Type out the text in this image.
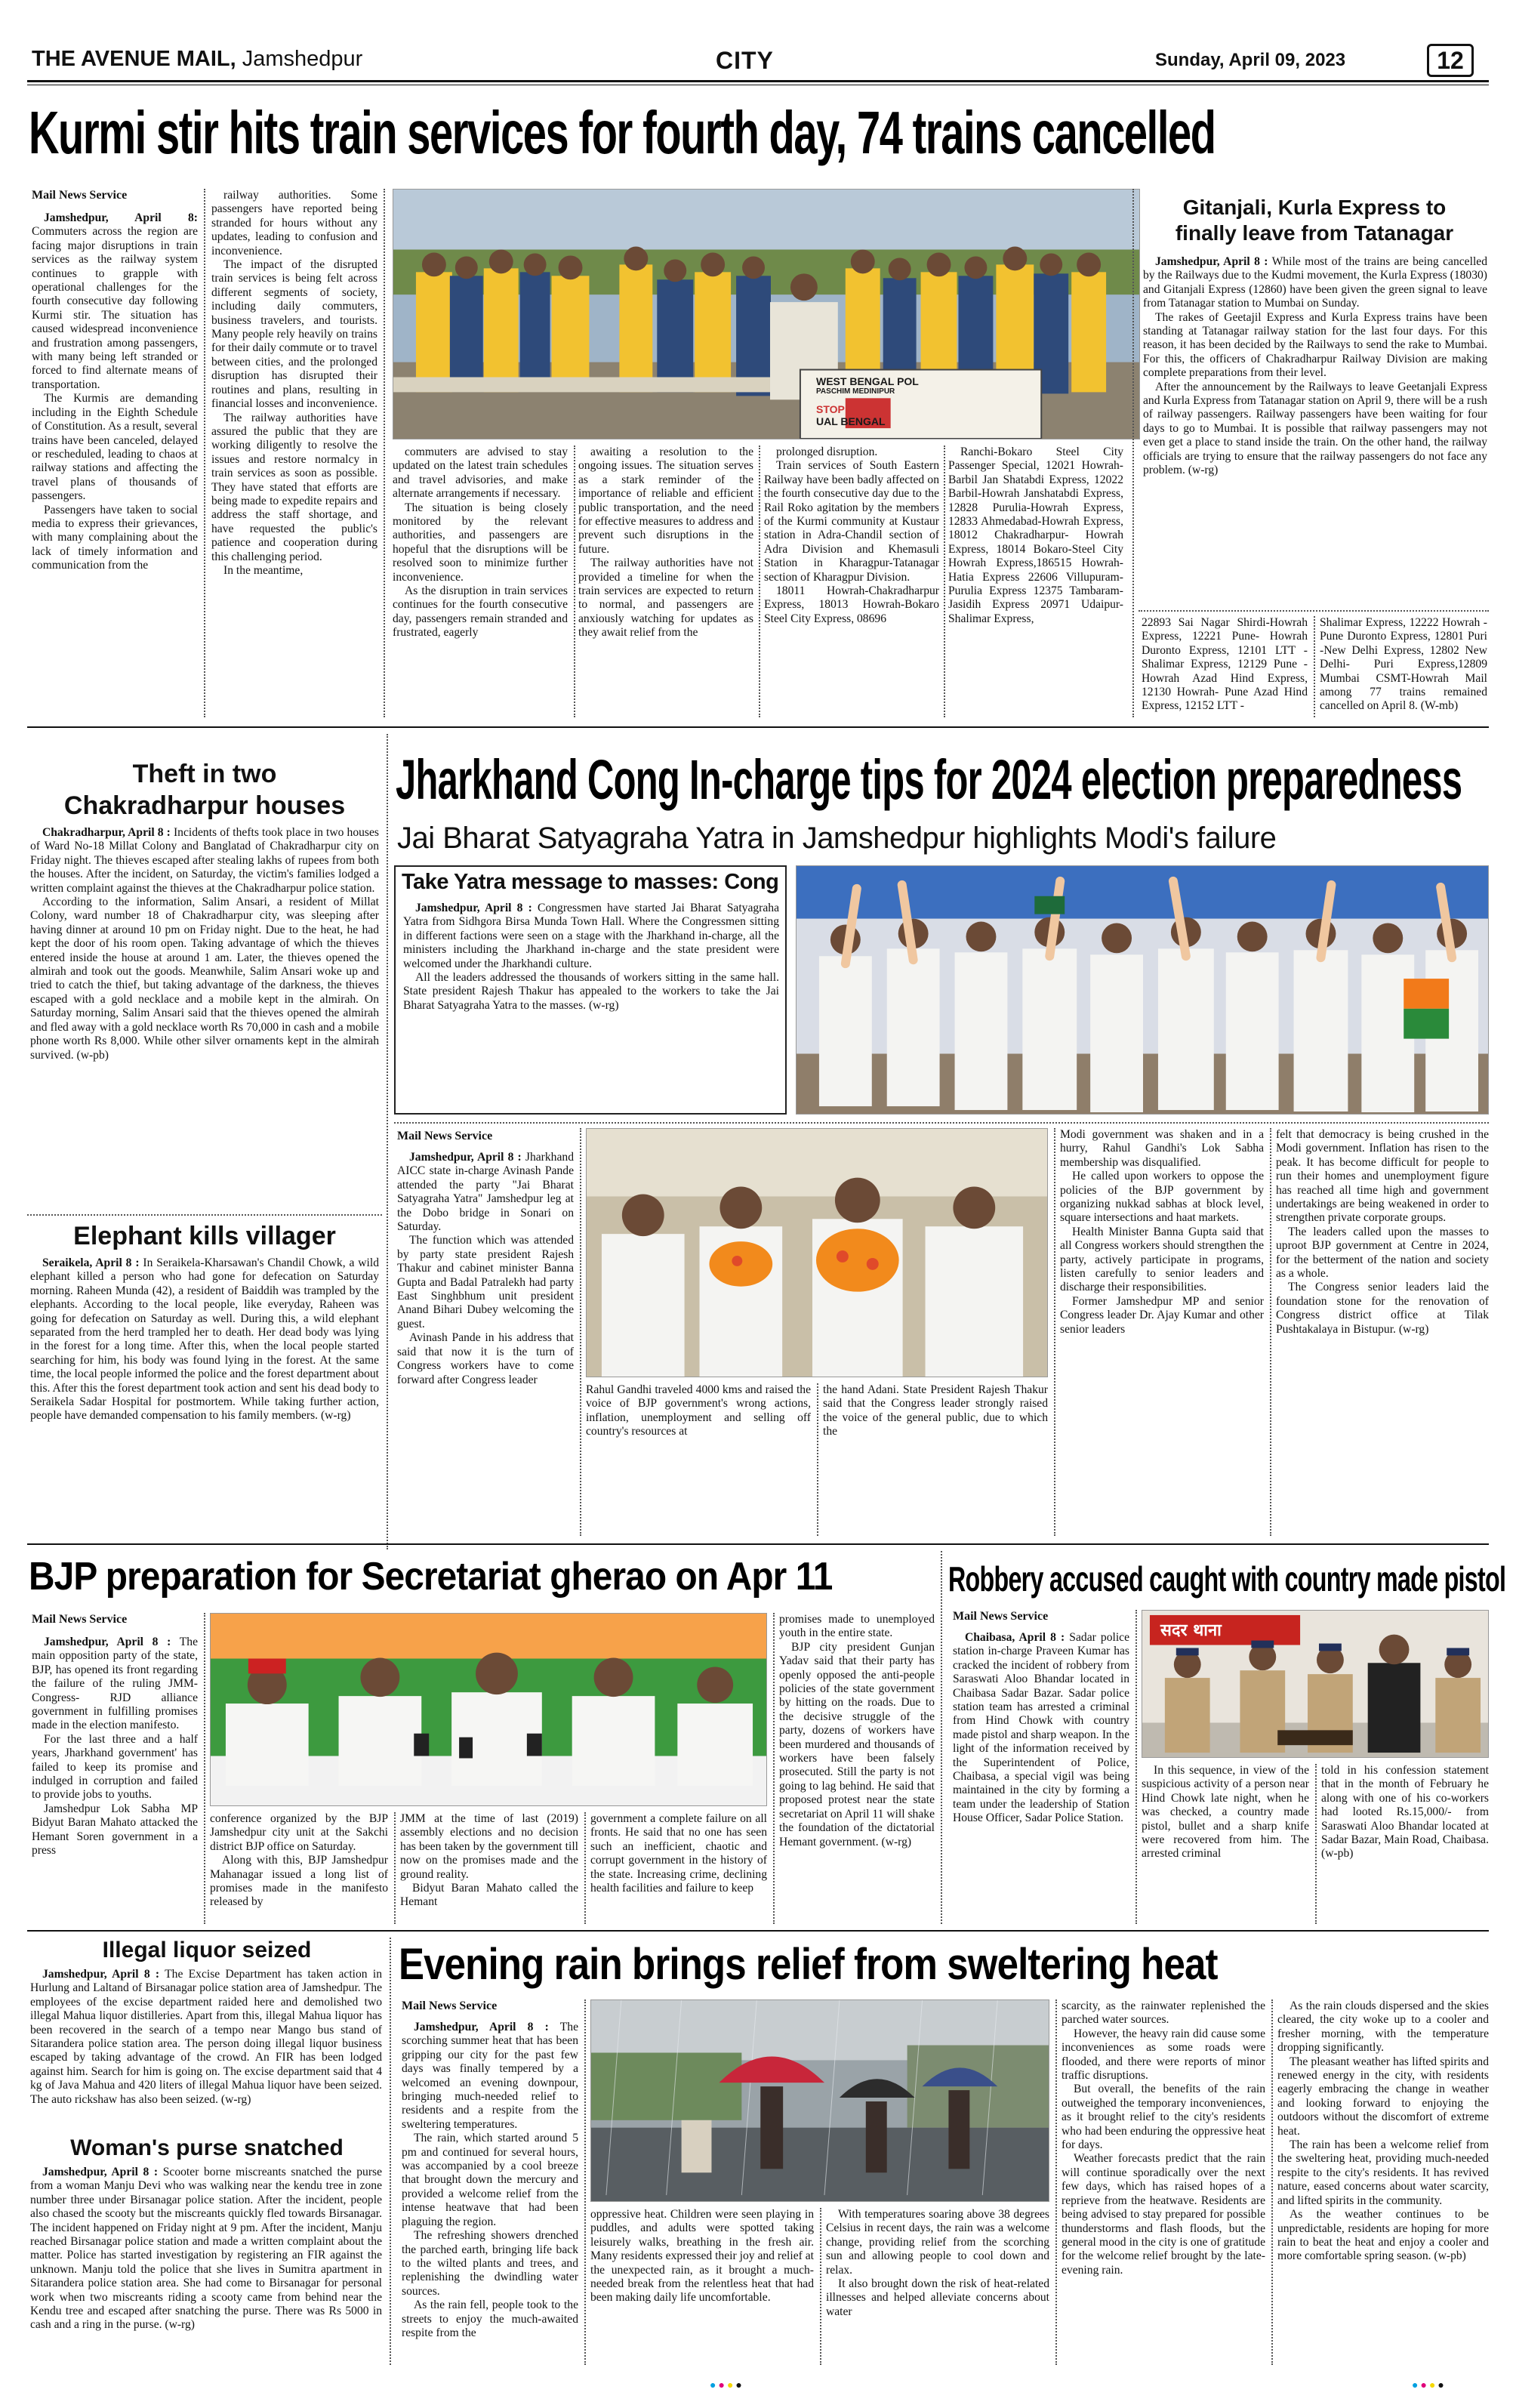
THE AVENUE MAIL, Jamshedpur	CITY	Sunday, April 09, 2023	12
Kurmi stir hits train services for fourth day, 74 trains cancelled
Mail News Service

Jamshedpur, April 8: Commuters across the region are facing major disruptions in train services as the railway system continues to grapple with operational challenges for the fourth consecutive day following Kurmi stir. The situation has caused widespread inconvenience and frustration among passengers, with many being left stranded or forced to find alternate means of transportation.

The Kurmis are demanding including in the Eighth Schedule of Constitution. As a result, several trains have been canceled, delayed or rescheduled, leading to chaos at railway stations and affecting the travel plans of thousands of passengers.

Passengers have taken to social media to express their grievances, with many complaining about the lack of timely information and communication from the

railway authorities. Some passengers have reported being stranded for hours without any updates, leading to confusion and inconvenience.

The impact of the disrupted train services is being felt across different segments of society, including daily commuters, business travelers, and tourists. Many people rely heavily on trains for their daily commute or to travel between cities, and the prolonged disruption has disrupted their routines and plans, resulting in financial losses and inconvenience.

The railway authorities have assured the public that they are working diligently to resolve the issues and restore normalcy in train services as soon as possible. They have stated that efforts are being made to expedite repairs and address the staff shortage, and have requested the public's patience and cooperation during this challenging period.

In the meantime,

WEST BENGAL POL
PASCHIM MEDINIPUR
STOP
UAL BENGAL

commuters are advised to stay updated on the latest train schedules and travel advisories, and make alternate arrangements if necessary.

The situation is being closely monitored by the relevant authorities, and passengers are hopeful that the disruptions will be resolved soon to minimize further inconvenience.

As the disruption in train services continues for the fourth consecutive day, passengers remain stranded and frustrated, eagerly

awaiting a resolution to the ongoing issues. The situation serves as a stark reminder of the importance of reliable and efficient public transportation, and the need for effective measures to address and prevent such disruptions in the future.

The railway authorities have not provided a timeline for when the train services are expected to return to normal, and passengers are anxiously watching for updates as they await relief from the

prolonged disruption.

Train services of South Eastern Railway have been badly affected on the fourth consecutive day due to the Rail Roko agitation by the members of the Kurmi community at Kustaur station in Adra-Chandil section of Adra Division and Khemasuli Station in Kharagpur-Tatanagar section of Kharagpur Division.

18011 Howrah-Chakradharpur Express, 18013 Howrah-Bokaro Steel City Express, 08696

Ranchi-Bokaro Steel City Passenger Special, 12021 Howrah-Barbil Jan Shatabdi Express, 12022 Barbil-Howrah Janshatabdi Express, 12828 Purulia-Howrah Express, 12833 Ahmedabad-Howrah Express, 18012 Chakradharpur- Howrah Express, 18014 Bokaro-Steel City Howrah Express,186515 Howrah-Hatia Express 22606 Villupuram- Purulia Express 12375 Tambaram-Jasidih Express 20971 Udaipur- Shalimar Express,

Gitanjali, Kurla Express to
finally leave from Tatanagar

Jamshedpur, April 8 : While most of the trains are being cancelled by the Railways due to the Kudmi movement, the Kurla Express (18030) and Gitanjali Express (12860) have been given the green signal to leave from Tatanagar station to Mumbai on Sunday.

The rakes of Geetajil Express and Kurla Express trains have been standing at Tatanagar railway station for the last four days. For this reason, it has been decided by the Railways to send the rake to Mumbai. For this, the officers of Chakradharpur Railway Division are making complete preparations from their level.

After the announcement by the Railways to leave Geetanjali Express and Kurla Express from Tatanagar station on April 9, there will be a rush of railway passengers. Railway passengers have been waiting for four days to go to Mumbai. It is possible that railway passengers may not even get a place to stand inside the train. On the other hand, the railway officials are trying to ensure that the railway passengers do not face any problem. (w-rg)

22893 Sai Nagar Shirdi-Howrah Express, 12221 Pune- Howrah Duronto Express, 12101 LTT -Shalimar Express, 12129 Pune -Howrah Azad Hind Express, 12130 Howrah- Pune Azad Hind Express, 12152 LTT -

Shalimar Express, 12222 Howrah -Pune Duronto Express, 12801 Puri -New Delhi Express, 12802 New Delhi- Puri Express,12809 Mumbai CSMT-Howrah Mail among 77 trains remained cancelled on April 8. (W-mb)

Theft in two
Chakradharpur houses

Chakradharpur, April 8 : Incidents of thefts took place in two houses of Ward No-18 Millat Colony and Banglatad of Chakradharpur city on Friday night. The thieves escaped after stealing lakhs of rupees from both the houses. After the incident, on Saturday, the victim's families lodged a written complaint against the thieves at the Chakradharpur police station.

According to the information, Salim Ansari, a resident of Millat Colony, ward number 18 of Chakradharpur city, was sleeping after having dinner at around 10 pm on Friday night. Due to the heat, he had kept the door of his room open. Taking advantage of which the thieves entered inside the house at around 1 am. Later, the thieves opened the almirah and took out the goods. Meanwhile, Salim Ansari woke up and tried to catch the thief, but taking advantage of the darkness, the thieves escaped with a gold necklace and a mobile kept in the almirah. On Saturday morning, Salim Ansari said that the thieves opened the almirah and fled away with a gold necklace worth Rs 70,000 in cash and a mobile phone worth Rs 8,000. While other silver ornaments kept in the almirah survived. (w-pb)

Elephant kills villager

Seraikela, April 8 : In Seraikela-Kharsawan's Chandil Chowk, a wild elephant killed a person who had gone for defecation on Saturday morning. Raheen Munda (42), a resident of Baiddih was trampled by the elephants. According to the local people, like everyday, Raheen was going for defecation on Saturday as well. During this, a wild elephant separated from the herd trampled her to death. Her dead body was lying in the forest for a long time. After this, when the local people started searching for him, his body was found lying in the forest. At the same time, the local people informed the police and the forest department about this. After this the forest department took action and sent his dead body to Seraikela Sadar Hospital for postmortem. While taking further action, people have demanded compensation to his family members. (w-rg)

Jharkhand Cong In-charge tips for 2024 election preparedness
Jai Bharat Satyagraha Yatra in Jamshedpur highlights Modi's failure
Take Yatra message to masses: Cong

Jamshedpur, April 8 : Congressmen have started Jai Bharat Satyagraha Yatra from Sidhgora Birsa Munda Town Hall. Where the Congressmen sitting in different factions were seen on a stage with the Jharkhand in-charge, all the ministers including the Jharkhand in-charge and the state president were welcomed under the Jharkhandi culture.

All the leaders addressed the thousands of workers sitting in the same hall. State president Rajesh Thakur has appealed to the workers to take the Jai Bharat Satyagraha Yatra to the masses. (w-rg)

Mail News Service

Jamshedpur, April 8 : Jharkhand AICC state in-charge Avinash Pande attended the party "Jai Bharat Satyagraha Yatra" Jamshedpur leg at the Dobo bridge in Sonari on Saturday.

The function which was attended by party state president Rajesh Thakur and cabinet minister Banna Gupta and Badal Patralekh had party East Singhbhum unit president Anand Bihari Dubey welcoming the guest.

Avinash Pande in his address that said that now it is the turn of Congress workers have to come forward after Congress leader

Rahul Gandhi traveled 4000 kms and raised the voice of BJP government's wrong actions, inflation, unemployment and selling off country's resources at
the hand Adani. State President Rajesh Thakur said that the Congress leader strongly raised the voice of the general public, due to which the

Modi government was shaken and in a hurry, Rahul Gandhi's Lok Sabha membership was disqualified.

He called upon workers to oppose the policies of the BJP government by organizing nukkad sabhas at block level, square intersections and haat markets.

Health Minister Banna Gupta said that all Congress workers should strengthen the party, actively participate in programs, listen carefully to senior leaders and discharge their responsibilities.

Former Jamshedpur MP and senior Congress leader Dr. Ajay Kumar and other senior leaders

felt that democracy is being crushed in the Modi government. Inflation has risen to the peak. It has become difficult for people to run their homes and unemployment figure has reached all time high and government undertakings are being weakened in order to strengthen private corporate groups.

The leaders called upon the masses to uproot BJP government at Centre in 2024, for the betterment of the nation and society as a whole.

The Congress senior leaders laid the foundation stone for the renovation of Congress district office at Tilak Pushtakalaya in Bistupur. (w-rg)

BJP preparation for Secretariat gherao on Apr 11
Mail News Service

Jamshedpur, April 8 : The main opposition party of the state, BJP, has opened its front regarding the failure of the ruling JMM-Congress- RJD alliance government in fulfilling promises made in the election manifesto.

For the last three and a half years, Jharkhand government' has failed to keep its promise and indulged in corruption and failed to provide jobs to youths.

Jamshedpur Lok Sabha MP Bidyut Baran Mahato attacked the Hemant Soren government in a press

conference organized by the BJP Jamshedpur city unit at the Sakchi district BJP office on Saturday.

Along with this, BJP Jamshedpur Mahanagar issued a long list of promises made in the manifesto released by

JMM at the time of last (2019) assembly elections and no decision has been taken by the government till now on the promises made and the ground reality.

Bidyut Baran Mahato called the Hemant

government a complete failure on all fronts. He said that no one has seen such an inefficient, chaotic and corrupt government in the history of the state. Increasing crime, declining health facilities and failure to keep

promises made to unemployed youth in the entire state.

BJP city president Gunjan Yadav said that their party has openly opposed the anti-people policies of the state government by hitting on the roads. Due to the decisive struggle of the party, dozens of workers have been murdered and thousands of workers have been falsely prosecuted. Still the party is not going to lag behind. He said that proposed protest near the state secretariat on April 11 will shake the foundation of the dictatorial Hemant government. (w-rg)

Robbery accused caught with country made pistol
Mail News Service

Chaibasa, April 8 : Sadar police station in-charge Praveen Kumar has cracked the incident of robbery from Saraswati Aloo Bhandar located in Chaibasa Sadar Bazar. Sadar police station team has arrested a criminal from Hind Chowk with country made pistol and sharp weapon. In the light of the information received by the Superintendent of Police, Chaibasa, a special vigil was being maintained in the city by forming a team under the leadership of Station House Officer, Sadar Police Station.

सदर थाना

In this sequence, in view of the suspicious activity of a person near Hind Chowk late night, when he was checked, a country made pistol, bullet and a sharp knife were recovered from him. The arrested criminal

told in his confession statement that in the month of February he along with one of his co-workers had looted Rs.15,000/- from Saraswati Aloo Bhandar located at Sadar Bazar, Main Road, Chaibasa.(w-pb)

Illegal liquor seized

Jamshedpur, April 8 : The Excise Department has taken action in Hurlung and Laltand of Birsanagar police station area of Jamshedpur. The employees of the excise department raided here and demolished two illegal Mahua liquor distilleries. Apart from this, illegal Mahua liquor has been recovered in the search of a tempo near Mango bus stand of Sitarandera police station area. The person doing illegal liquor business escaped by taking advantage of the crowd. An FIR has been lodged against him. Search for him is going on. The excise department said that 4 kg of Java Mahua and 420 liters of illegal Mahua liquor have been seized. The auto rickshaw has also been seized. (w-rg)

Woman's purse snatched

Jamshedpur, April 8 : Scooter borne miscreants snatched the purse from a woman Manju Devi who was walking near the kendu tree in zone number three under Birsanagar police station. After the incident, people also chased the scooty but the miscreants quickly fled towards Birsanagar. The incident happened on Friday night at 9 pm. After the incident, Manju reached Birsanagar police station and made a written complaint about the matter. Police has started investigation by registering an FIR against the unknown. Manju told the police that she lives in Sumitra apartment in Sitarandera police station area. She had come to Birsanagar for personal work when two miscreants riding a scooty came from behind near the Kendu tree and escaped after snatching the purse. There was Rs 5000 in cash and a ring in the purse. (w-rg)

Evening rain brings relief from sweltering heat
Mail News Service

Jamshedpur, April 8 : The scorching summer heat that has been gripping our city for the past few days was finally tempered by a welcomed an evening downpour, bringing much-needed relief to residents and a respite from the sweltering temperatures.

The rain, which started around 5 pm and continued for several hours, was accompanied by a cool breeze that brought down the mercury and provided a welcome relief from the intense heatwave that had been plaguing the region.

The refreshing showers drenched the parched earth, bringing life back to the wilted plants and trees, and replenishing the dwindling water sources.

As the rain fell, people took to the streets to enjoy the much-awaited respite from the

oppressive heat. Children were seen playing in puddles, and adults were spotted taking leisurely walks, breathing in the fresh air. Many residents expressed their joy and relief at the unexpected rain, as it brought a much-needed break from the relentless heat that had been making daily life uncomfortable.

With temperatures soaring above 38 degrees Celsius in recent days, the rain was a welcome change, providing relief from the scorching sun and allowing people to cool down and relax.

It also brought down the risk of heat-related illnesses and helped alleviate concerns about water

scarcity, as the rainwater replenished the parched water sources.

However, the heavy rain did cause some inconveniences as some roads were flooded, and there were reports of minor traffic disruptions.

But overall, the benefits of the rain outweighed the temporary inconveniences, as it brought relief to the city's residents who had been enduring the oppressive heat for days.

Weather forecasts predict that the rain will continue sporadically over the next few days, which has raised hopes of a reprieve from the heatwave. Residents are being advised to stay prepared for possible thunderstorms and flash floods, but the general mood in the city is one of gratitude for the welcome relief brought by the late-evening rain.

As the rain clouds dispersed and the skies cleared, the city woke up to a cooler and fresher morning, with the temperature dropping significantly.

The pleasant weather has lifted spirits and renewed energy in the city, with residents eagerly embracing the change in weather and looking forward to enjoying the outdoors without the discomfort of extreme heat.

The rain has been a welcome relief from the sweltering heat, providing much-needed respite to the city's residents. It has revived nature, eased concerns about water scarcity, and lifted spirits in the community.

As the weather continues to be unpredictable, residents are hoping for more rain to beat the heat and enjoy a cooler and more comfortable spring season. (w-pb)

●●●●	●●●●
